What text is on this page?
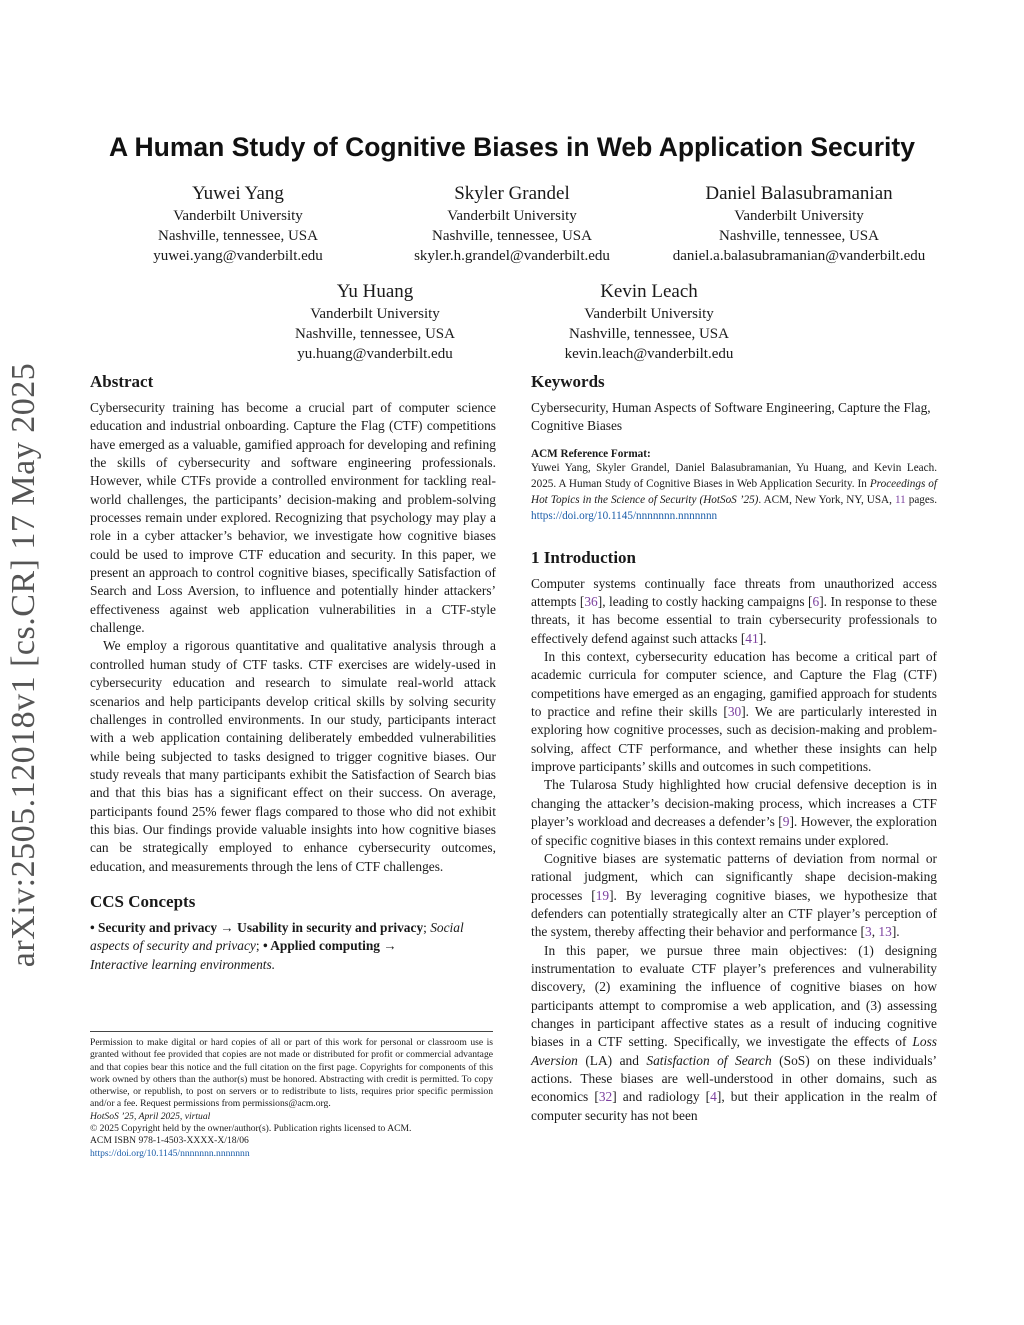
arXiv:2505.12018v1 [cs.CR] 17 May 2025
A Human Study of Cognitive Biases in Web Application Security
Yuwei Yang
Vanderbilt University
Nashville, tennessee, USA
yuwei.yang@vanderbilt.edu
Skyler Grandel
Vanderbilt University
Nashville, tennessee, USA
skyler.h.grandel@vanderbilt.edu
Daniel Balasubramanian
Vanderbilt University
Nashville, tennessee, USA
daniel.a.balasubramanian@vanderbilt.edu
Yu Huang
Vanderbilt University
Nashville, tennessee, USA
yu.huang@vanderbilt.edu
Kevin Leach
Vanderbilt University
Nashville, tennessee, USA
kevin.leach@vanderbilt.edu
Abstract

Cybersecurity training has become a crucial part of computer science education and industrial onboarding. Capture the Flag (CTF) competitions have emerged as a valuable, gamified approach for developing and refining the skills of cybersecurity and software engineering professionals. However, while CTFs provide a controlled environment for tackling real-world challenges, the participants’ decision-making and problem-solving processes remain under explored. Recognizing that psychology may play a role in a cyber attacker’s behavior, we investigate how cognitive biases could be used to improve CTF education and security. In this paper, we present an approach to control cognitive biases, specifically Satisfaction of Search and Loss Aversion, to influence and potentially hinder attackers’ effectiveness against web application vulnerabilities in a CTF-style challenge.

We employ a rigorous quantitative and qualitative analysis through a controlled human study of CTF tasks. CTF exercises are widely-used in cybersecurity education and research to simulate real-world attack scenarios and help participants develop critical skills by solving security challenges in controlled environments. In our study, participants interact with a web application containing deliberately embedded vulnerabilities while being subjected to tasks designed to trigger cognitive biases. Our study reveals that many participants exhibit the Satisfaction of Search bias and that this bias has a significant effect on their success. On average, participants found 25% fewer flags compared to those who did not exhibit this bias. Our findings provide valuable insights into how cognitive biases can be strategically employed to enhance cybersecurity outcomes, education, and measurements through the lens of CTF challenges.

CCS Concepts

• Security and privacy → Usability in security and privacy; Social aspects of security and privacy; • Applied computing →
Interactive learning environments.

Permission to make digital or hard copies of all or part of this work for personal or classroom use is granted without fee provided that copies are not made or distributed for profit or commercial advantage and that copies bear this notice and the full citation on the first page. Copyrights for components of this work owned by others than the author(s) must be honored. Abstracting with credit is permitted. To copy otherwise, or republish, to post on servers or to redistribute to lists, requires prior specific permission and/or a fee. Request permissions from permissions@acm.org.
HotSoS ’25, April 2025, virtual
© 2025 Copyright held by the owner/author(s). Publication rights licensed to ACM.
ACM ISBN 978-1-4503-XXXX-X/18/06
https://doi.org/10.1145/nnnnnnn.nnnnnnn
Keywords

Cybersecurity, Human Aspects of Software Engineering, Capture the Flag, Cognitive Biases

ACM Reference Format:
Yuwei Yang, Skyler Grandel, Daniel Balasubramanian, Yu Huang, and Kevin Leach. 2025. A Human Study of Cognitive Biases in Web Application Security. In Proceedings of Hot Topics in the Science of Security (HotSoS ’25). ACM, New York, NY, USA, 11 pages. https://doi.org/10.1145/nnnnnnn.nnnnnnn
1 Introduction

Computer systems continually face threats from unauthorized access attempts [36], leading to costly hacking campaigns [6]. In response to these threats, it has become essential to train cybersecurity professionals to effectively defend against such attacks [41].

In this context, cybersecurity education has become a critical part of academic curricula for computer science, and Capture the Flag (CTF) competitions have emerged as an engaging, gamified approach for students to practice and refine their skills [30]. We are particularly interested in exploring how cognitive processes, such as decision-making and problem-solving, affect CTF performance, and whether these insights can help improve participants’ skills and outcomes in such competitions.

The Tularosa Study highlighted how crucial defensive deception is in changing the attacker’s decision-making process, which increases a CTF player’s workload and decreases a defender’s [9]. However, the exploration of specific cognitive biases in this context remains under explored.

Cognitive biases are systematic patterns of deviation from normal or rational judgment, which can significantly shape decision-making processes [19]. By leveraging cognitive biases, we hypothesize that defenders can potentially strategically alter an CTF player’s perception of the system, thereby affecting their behavior and performance [3, 13].

In this paper, we pursue three main objectives: (1) designing instrumentation to evaluate CTF player’s preferences and vulnerability discovery, (2) examining the influence of cognitive biases on how participants attempt to compromise a web application, and (3) assessing changes in participant affective states as a result of inducing cognitive biases in a CTF setting. Specifically, we investigate the effects of Loss Aversion (LA) and Satisfaction of Search (SoS) on these individuals’ actions. These biases are well-understood in other domains, such as economics [32] and radiology [4], but their application in the realm of computer security has not been
